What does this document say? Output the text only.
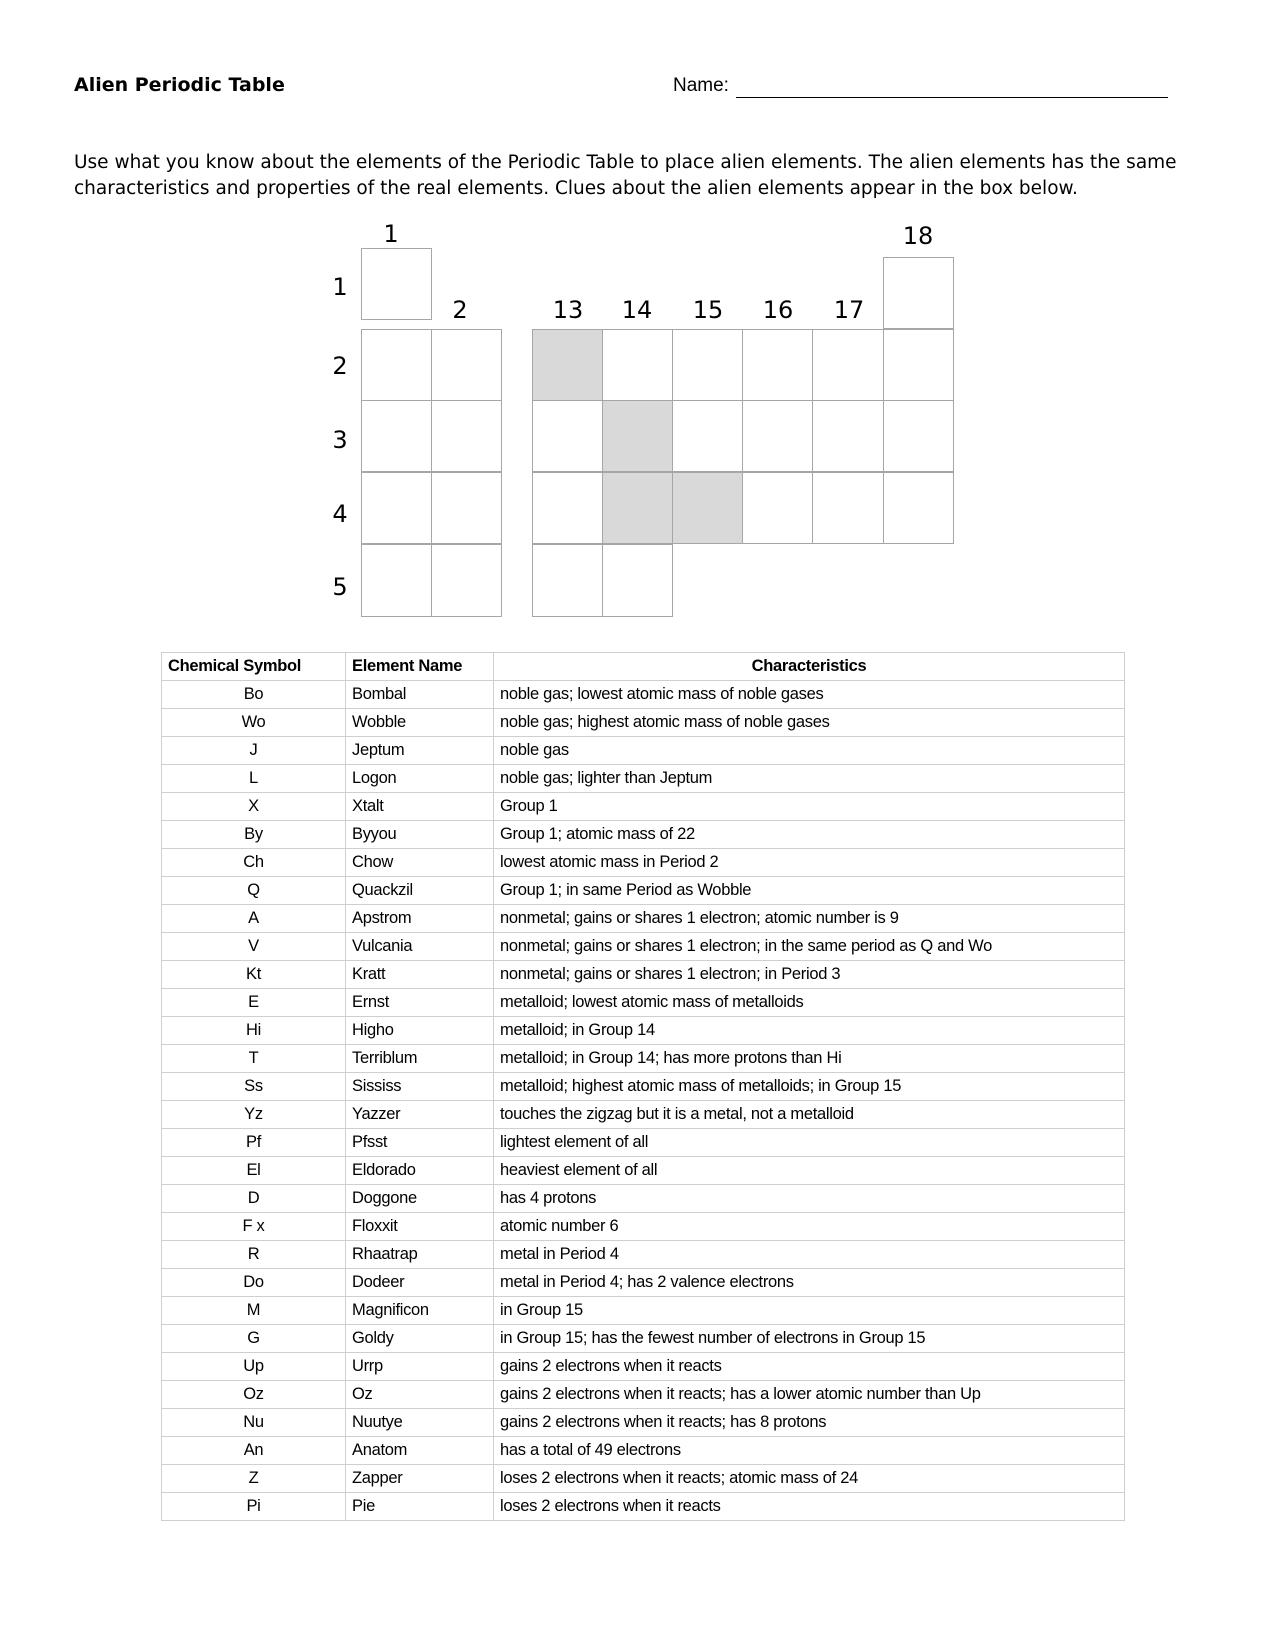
Alien Periodic Table	Name:
Use what you know about the elements of the Periodic Table to place alien elements. The alien elements has the same characteristics and properties of the real elements. Clues about the alien elements appear in the box below.
1
2	13 14 15 16 17
18
1
2
3
4
5
Chemical Symbol	Element Name	Characteristics
Bo	Bombal	noble gas; lowest atomic mass of noble gases
Wo	Wobble	noble gas; highest atomic mass of noble gases
J	Jeptum	noble gas
L	Logon	noble gas; lighter than Jeptum
X	Xtalt	Group 1
By	Byyou	Group 1; atomic mass of 22
Ch	Chow	lowest atomic mass in Period 2
Q	Quackzil	Group 1; in same Period as Wobble
A	Apstrom	nonmetal; gains or shares 1 electron; atomic number is 9
V	Vulcania	nonmetal; gains or shares 1 electron; in the same period as Q and Wo
Kt	Kratt	nonmetal; gains or shares 1 electron; in Period 3
E	Ernst	metalloid; lowest atomic mass of metalloids
Hi	Higho	metalloid; in Group 14
T	Terriblum	metalloid; in Group 14; has more protons than Hi
Ss	Sississ	metalloid; highest atomic mass of metalloids; in Group 15
Yz	Yazzer	touches the zigzag but it is a metal, not a metalloid
Pf	Pfsst	lightest element of all
El	Eldorado	heaviest element of all
D	Doggone	has 4 protons
F x	Floxxit	atomic number 6
R	Rhaatrap	metal in Period 4
Do	Dodeer	metal in Period 4; has 2 valence electrons
M	Magnificon	in Group 15
G	Goldy	in Group 15; has the fewest number of electrons in Group 15
Up	Urrp	gains 2 electrons when it reacts
Oz	Oz	gains 2 electrons when it reacts; has a lower atomic number than Up
Nu	Nuutye	gains 2 electrons when it reacts; has 8 protons
An	Anatom	has a total of 49 electrons
Z	Zapper	loses 2 electrons when it reacts; atomic mass of 24
Pi	Pie	loses 2 electrons when it reacts
